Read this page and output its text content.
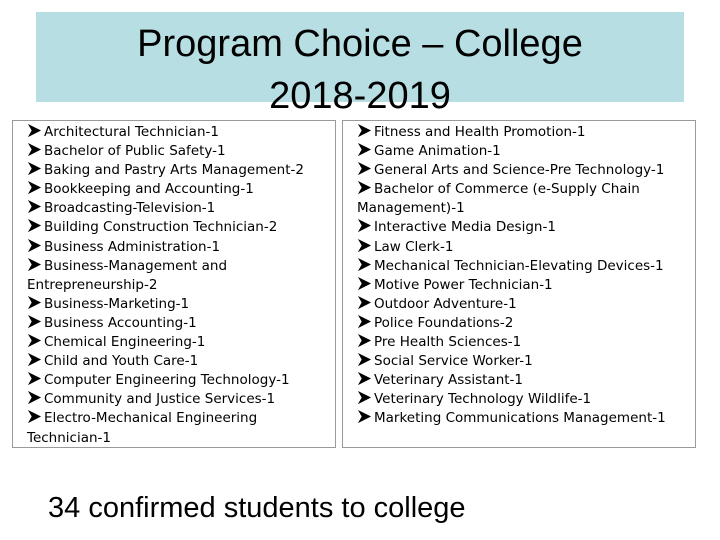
Program Choice – College
2018-2019
Architectural Technician-1
Bachelor of Public Safety-1
Baking and Pastry Arts Management-2
Bookkeeping and Accounting-1
Broadcasting-Television-1
Building Construction Technician-2
Business Administration-1
Business-Management and Entrepreneurship-2
Business-Marketing-1
Business Accounting-1
Chemical Engineering-1
Child and Youth Care-1
Computer Engineering Technology-1
Community and Justice Services-1
Electro-Mechanical Engineering Technician-1
Fitness and Health Promotion-1
Game Animation-1
General Arts and Science-Pre Technology-1
Bachelor of Commerce (e-Supply Chain Management)-1
Interactive Media Design-1
Law Clerk-1
Mechanical Technician-Elevating Devices-1
Motive Power Technician-1
Outdoor Adventure-1
Police Foundations-2
Pre Health Sciences-1
Social Service Worker-1
Veterinary Assistant-1
Veterinary Technology Wildlife-1
Marketing Communications Management-1
34 confirmed students to college
